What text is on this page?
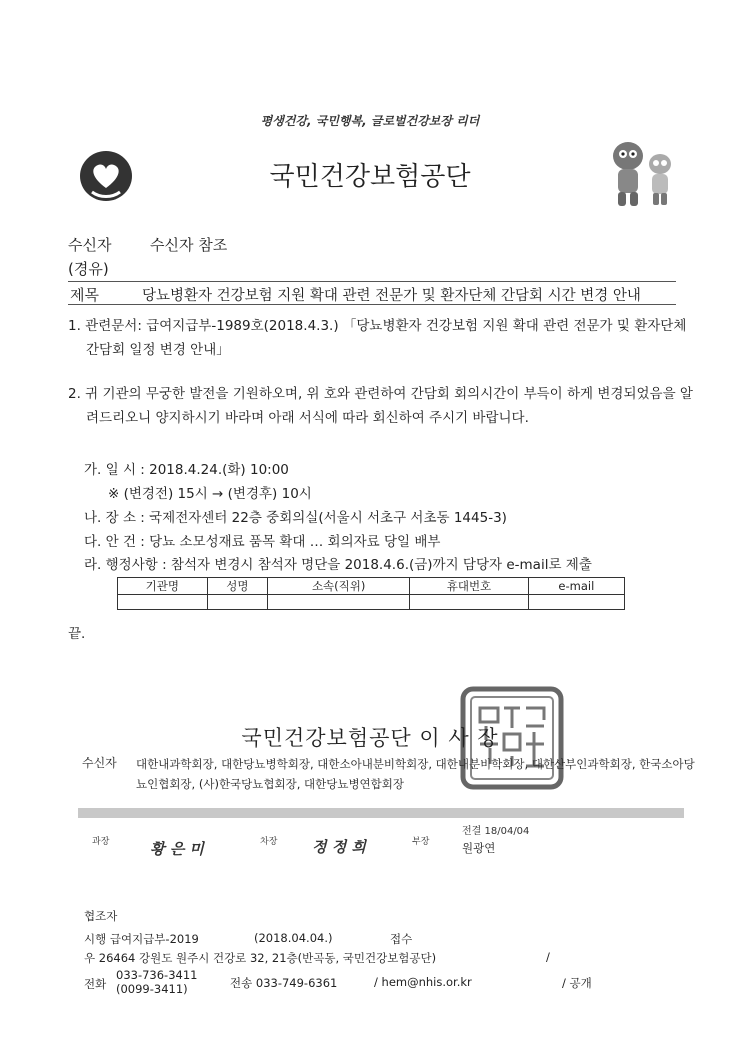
평생건강, 국민행복, 글로벌건강보장 리더
국민건강보험공단
수신자	수신자 참조
(경유)
제목	당뇨병환자 건강보험 지원 확대 관련 전문가 및 환자단체 간담회 시간 변경 안내
1. 관련문서: 급여지급부-1989호(2018.4.3.) 「당뇨병환자 건강보험 지원 확대 관련 전문가 및 환자단체 간담회 일정 변경 안내」
2. 귀 기관의 무궁한 발전을 기원하오며, 위 호와 관련하여 간담회 회의시간이 부득이 하게 변경되었음을 알려드리오니 양지하시기 바라며 아래 서식에 따라 회신하여 주시기 바랍니다.
가. 일 시 : 2018.4.24.(화) 10:00
※ (변경전) 15시 → (변경후) 10시
나. 장 소 : 국제전자센터 22층 중회의실(서울시 서초구 서초동 1445-3)
다. 안 건 : 당뇨 소모성재료 품목 확대 … 회의자료 당일 배부
라. 행정사항 : 참석자 변경시 참석자 명단을 2018.4.6.(금)까지 담당자 e-mail로 제출
기관명	성명	소속(직위)	휴대번호	e-mail

끝.
국민건강보험공단 이 사 장
수신자 대한내과학회장, 대한당뇨병학회장, 대한소아내분비학회장, 대한내분비학회장, 대한산부인과학회장, 한국소아당뇨인협회장, (사)한국당뇨협회장, 대한당뇨병연합회장
과장	황 은 미	차장 정 정 희	부장
전결 18/04/04
원광연
협조자
시행 급여지급부-2019	(2018.04.04.)	접수
우 26464 강원도 원주시 건강로 32, 21층(반곡동, 국민건강보험공단)	/
전화
033-736-3411
(0099-3411)	전송 033-749-6361	/ hem@nhis.or.kr	/ 공개
